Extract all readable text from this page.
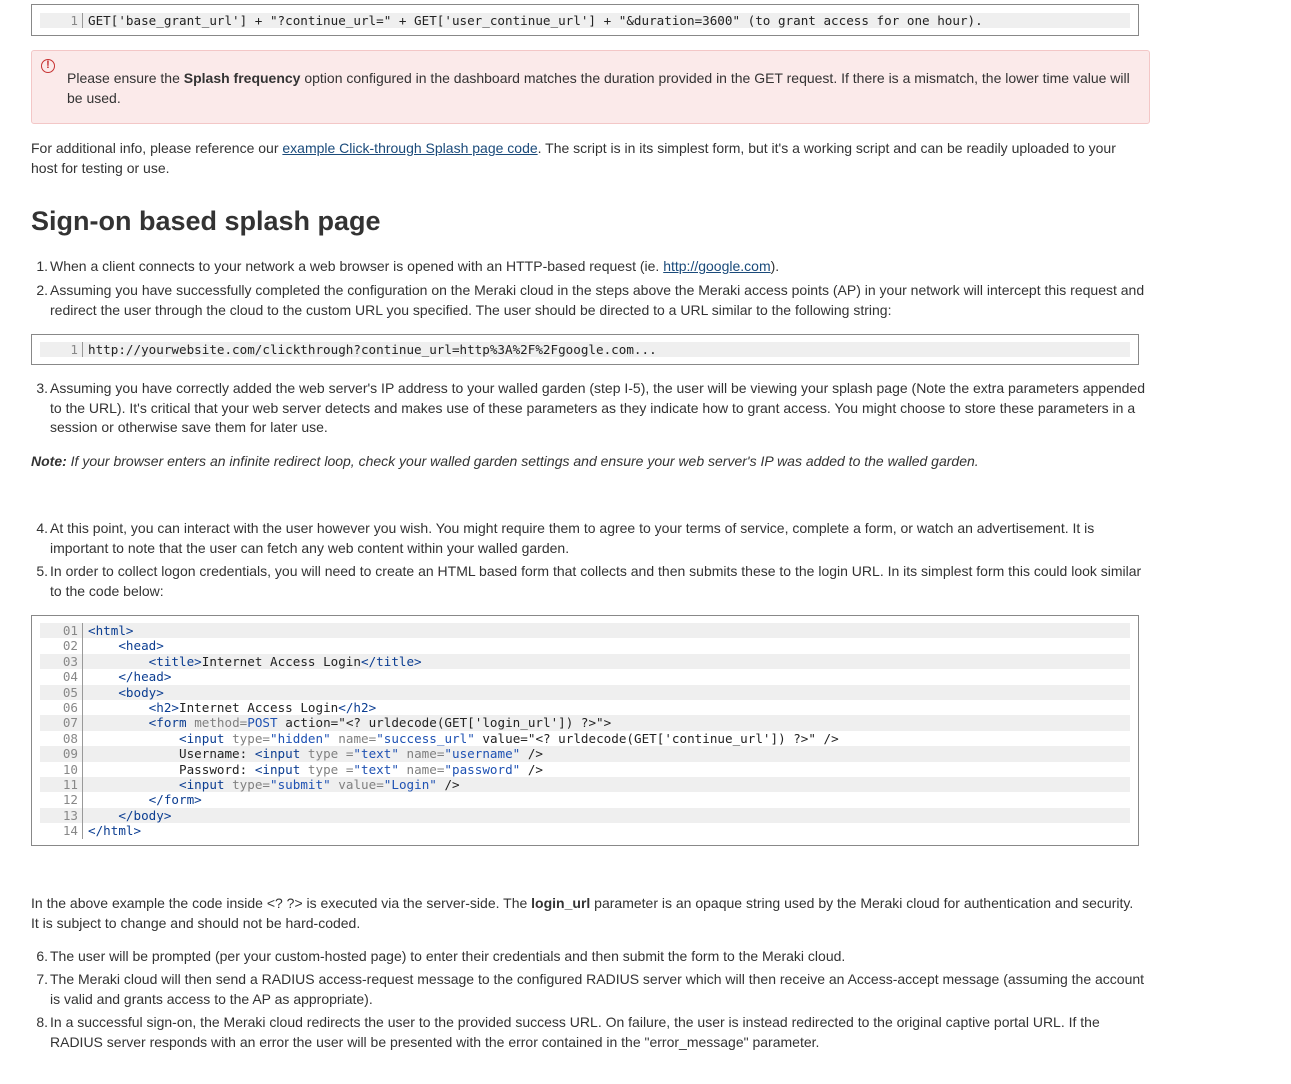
1 GET['base_grant_url'] + "?continue_url=" + GET['user_continue_url'] + "&duration=3600" (to grant access for one hour).
!

Please ensure the Splash frequency option configured in the dashboard matches the duration provided in the GET request. If there is a mismatch, the lower time value will be used.

For additional info, please reference our example Click-through Splash page code. The script is in its simplest form, but it's a working script and can be readily uploaded to your host for testing or use.

Sign-on based splash page
1. When a client connects to your network a web browser is opened with an HTTP-based request (ie. http://google.com).
2. Assuming you have successfully completed the configuration on the Meraki cloud in the steps above the Meraki access points (AP) in your network will intercept this request and redirect the user through the cloud to the custom URL you specified. The user should be directed to a URL similar to the following string:
1 http://yourwebsite.com/clickthrough?continue_url=http%3A%2F%2Fgoogle.com...
3. Assuming you have correctly added the web server's IP address to your walled garden (step I-5), the user will be viewing your splash page (Note the extra parameters appended to the URL). It's critical that your web server detects and makes use of these parameters as they indicate how to grant access. You might choose to store these parameters in a session or otherwise save them for later use.

Note: If your browser enters an infinite redirect loop, check your walled garden settings and ensure your web server's IP was added to the walled garden.

4. At this point, you can interact with the user however you wish. You might require them to agree to your terms of service, complete a form, or watch an advertisement. It is important to note that the user can fetch any web content within your walled garden.
5. In order to collect logon credentials, you will need to create an HTML based form that collects and then submits these to the login URL. In its simplest form this could look similar to the code below:
01 <html>
02	<head>
03	<title>Internet Access Login</title>
04	</head>
05	<body>
06	<h2>Internet Access Login</h2>
07	<form method=POST action="<? urldecode(GET['login_url']) ?>">
08	<input type="hidden" name="success_url" value="<? urldecode(GET['continue_url']) ?>" />
09            Username: <input type ="text" name="username" />
10            Password: <input type ="text" name="password" />
11	<input type="submit" value="Login" />
12	</form>
13	</body>
14 </html>

In the above example the code inside <? ?> is executed via the server-side. The login_url parameter is an opaque string used by the Meraki cloud for authentication and security. It is subject to change and should not be hard-coded.

6. The user will be prompted (per your custom-hosted page) to enter their credentials and then submit the form to the Meraki cloud.
7. The Meraki cloud will then send a RADIUS access-request message to the configured RADIUS server which will then receive an Access-accept message (assuming the account is valid and grants access to the AP as appropriate).
8. In a successful sign-on, the Meraki cloud redirects the user to the provided success URL. On failure, the user is instead redirected to the original captive portal URL. If the RADIUS server responds with an error the user will be presented with the error contained in the "error_message" parameter.
